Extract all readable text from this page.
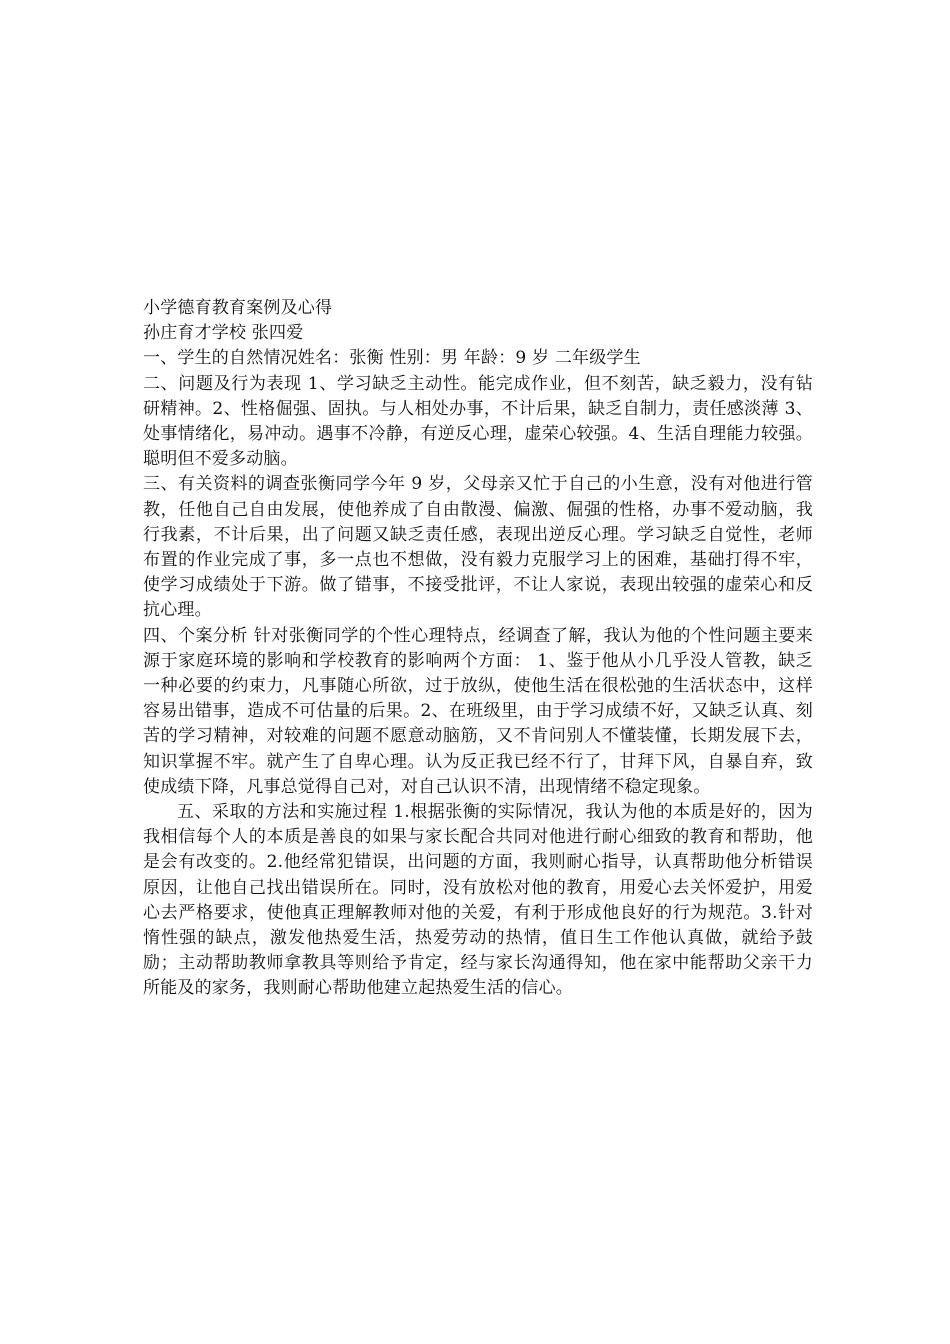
小学德育教育案例及心得

孙庄育才学校 张四爱

一、学生的自然情况姓名：张衡 性别：男 年龄：9 岁 二年级学生

二、问题及行为表现 1、学习缺乏主动性。能完成作业，但不刻苦，缺乏毅力，没有钻研精神。2、性格倔强、固执。与人相处办事，不计后果，缺乏自制力，责任感淡薄 3、处事情绪化，易冲动。遇事不冷静，有逆反心理，虚荣心较强。4、生活自理能力较强。聪明但不爱多动脑。

三、有关资料的调查张衡同学今年 9 岁，父母亲又忙于自己的小生意，没有对他进行管教，任他自己自由发展，使他养成了自由散漫、偏激、倔强的性格，办事不爱动脑，我行我素，不计后果，出了问题又缺乏责任感，表现出逆反心理。学习缺乏自觉性，老师布置的作业完成了事，多一点也不想做，没有毅力克服学习上的困难，基础打得不牢，使学习成绩处于下游。做了错事，不接受批评，不让人家说，表现出较强的虚荣心和反抗心理。

四、个案分析 针对张衡同学的个性心理特点，经调查了解，我认为他的个性问题主要来源于家庭环境的影响和学校教育的影响两个方面： 1、鉴于他从小几乎没人管教，缺乏一种必要的约束力，凡事随心所欲，过于放纵，使他生活在很松弛的生活状态中，这样容易出错事，造成不可估量的后果。2、在班级里，由于学习成绩不好，又缺乏认真、刻苦的学习精神，对较难的问题不愿意动脑筋，又不肯问别人不懂装懂，长期发展下去，知识掌握不牢。就产生了自卑心理。认为反正我已经不行了，甘拜下风，自暴自弃，致使成绩下降，凡事总觉得自己对，对自己认识不清，出现情绪不稳定现象。

五、采取的方法和实施过程 1.根据张衡的实际情况，我认为他的本质是好的，因为我相信每个人的本质是善良的如果与家长配合共同对他进行耐心细致的教育和帮助，他是会有改变的。2.他经常犯错误，出问题的方面，我则耐心指导，认真帮助他分析错误原因，让他自己找出错误所在。同时，没有放松对他的教育，用爱心去关怀爱护，用爱心去严格要求，使他真正理解教师对他的关爱，有利于形成他良好的行为规范。3.针对惰性强的缺点，激发他热爱生活，热爱劳动的热情，值日生工作他认真做，就给予鼓励；主动帮助教师拿教具等则给予肯定，经与家长沟通得知，他在家中能帮助父亲干力所能及的家务，我则耐心帮助他建立起热爱生活的信心。
